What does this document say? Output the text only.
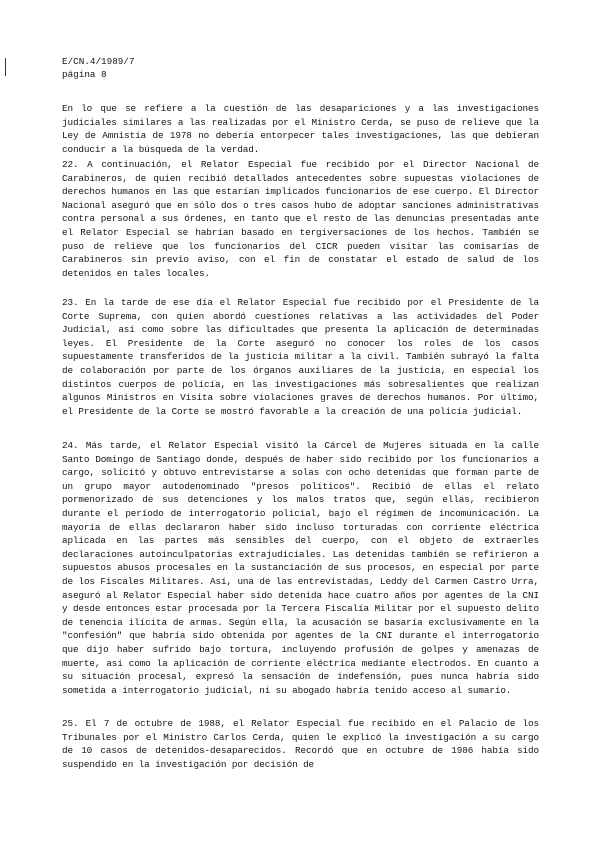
E/CN.4/1989/7
página 8
En lo que se refiere a la cuestión de las desapariciones y a las investigaciones judiciales similares a las realizadas por el Ministro Cerda, se puso de relieve que la Ley de Amnistía de 1978 no debería entorpecer tales investigaciones, las que debieran conducir a la búsqueda de la verdad.
22. A continuación, el Relator Especial fue recibido por el Director Nacional de Carabineros, de quien recibió detallados antecedentes sobre supuestas violaciones de derechos humanos en las que estarían implicados funcionarios de ese cuerpo. El Director Nacional aseguró que en sólo dos o tres casos hubo de adoptar sanciones administrativas contra personal a sus órdenes, en tanto que el resto de las denuncias presentadas ante el Relator Especial se habrían basado en tergiversaciones de los hechos. También se puso de relieve que los funcionarios del CICR pueden visitar las comisarías de Carabineros sin previo aviso, con el fin de constatar el estado de salud de los detenidos en tales locales.
23. En la tarde de ese día el Relator Especial fue recibido por el Presidente de la Corte Suprema, con quien abordó cuestiones relativas a las actividades del Poder Judicial, así como sobre las dificultades que presenta la aplicación de determinadas leyes. El Presidente de la Corte aseguró no conocer los roles de los casos supuestamente transferidos de la justicia militar a la civil. También subrayó la falta de colaboración por parte de los órganos auxiliares de la justicia, en especial los distintos cuerpos de policía, en las investigaciones más sobresalientes que realizan algunos Ministros en Visita sobre violaciones graves de derechos humanos. Por último, el Presidente de la Corte se mostró favorable a la creación de una policía judicial.
24. Más tarde, el Relator Especial visitó la Cárcel de Mujeres situada en la calle Santo Domingo de Santiago donde, después de haber sido recibido por los funcionarios a cargo, solicitó y obtuvo entrevistarse a solas con ocho detenidas que forman parte de un grupo mayor autodenominado "presos políticos". Recibió de ellas el relato pormenorizado de sus detenciones y los malos tratos que, según ellas, recibieron durante el período de interrogatorio policial, bajo el régimen de incomunicación. La mayoría de ellas declararon haber sido incluso torturadas con corriente eléctrica aplicada en las partes más sensibles del cuerpo, con el objeto de extraerles declaraciones autoinculpatorias extrajudiciales. Las detenidas también se refirieron a supuestos abusos procesales en la sustanciación de sus procesos, en especial por parte de los Fiscales Militares. Así, una de las entrevistadas, Leddy del Carmen Castro Urra, aseguró al Relator Especial haber sido detenida hace cuatro años por agentes de la CNI y desde entonces estar procesada por la Tercera Fiscalía Militar por el supuesto delito de tenencia ilícita de armas. Según ella, la acusación se basaría exclusivamente en la "confesión" que habría sido obtenida por agentes de la CNI durante el interrogatorio que dijo haber sufrido bajo tortura, incluyendo profusión de golpes y amenazas de muerte, así como la aplicación de corriente eléctrica mediante electrodos. En cuanto a su situación procesal, expresó la sensación de indefensión, pues nunca habría sido sometida a interrogatorio judicial, ni su abogado habría tenido acceso al sumario.
25. El 7 de octubre de 1988, el Relator Especial fue recibido en el Palacio de los Tribunales por el Ministro Carlos Cerda, quien le explicó la investigación a su cargo de 10 casos de detenidos-desaparecidos. Recordó que en octubre de 1986 había sido suspendido en la investigación por decisión de
